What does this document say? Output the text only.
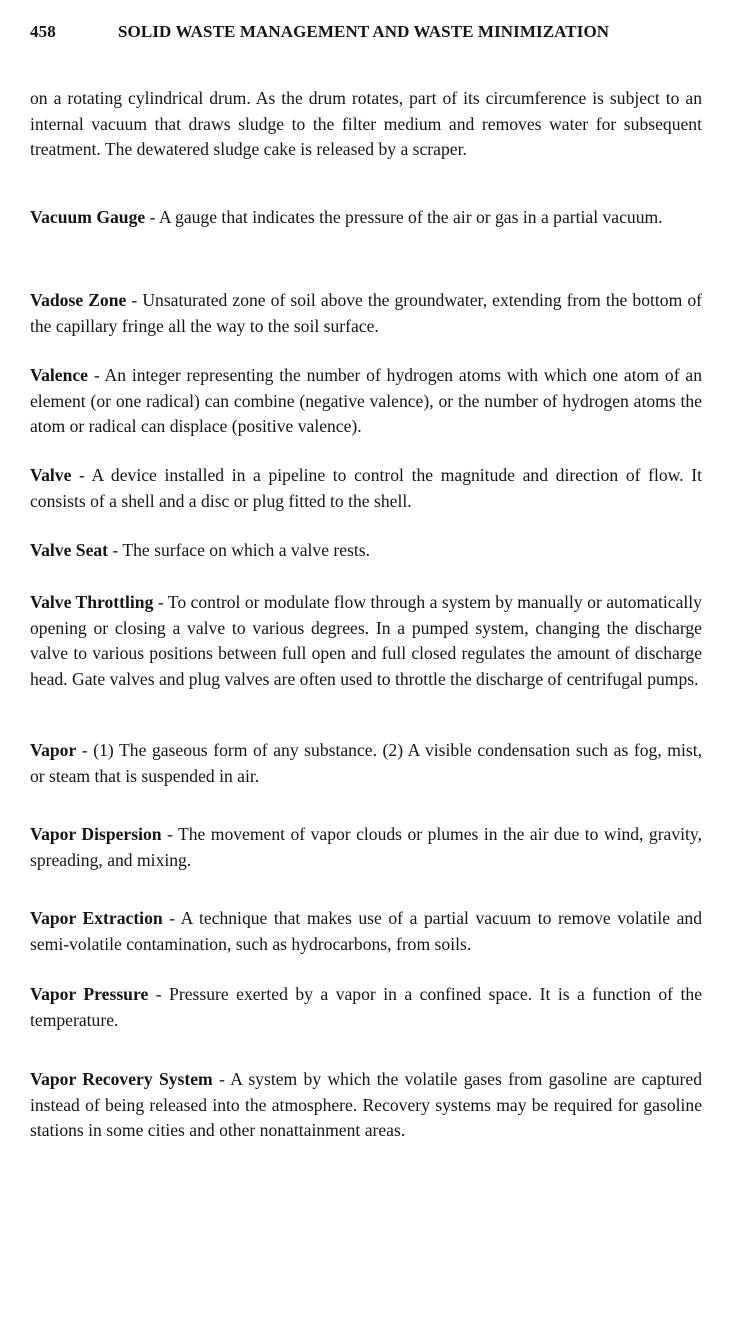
458	SOLID WASTE MANAGEMENT AND WASTE MINIMIZATION

on a rotating cylindrical drum. As the drum rotates, part of its circumference is subject to an internal vacuum that draws sludge to the filter medium and removes water for subsequent treatment. The dewatered sludge cake is released by a scraper.

Vacuum Gauge - A gauge that indicates the pressure of the air or gas in a partial vacuum.

Vadose Zone - Unsaturated zone of soil above the groundwater, extending from the bottom of the capillary fringe all the way to the soil surface.

Valence - An integer representing the number of hydrogen atoms with which one atom of an element (or one radical) can combine (negative valence), or the number of hydrogen atoms the atom or radical can displace (positive valence).

Valve - A device installed in a pipeline to control the magnitude and direction of flow. It consists of a shell and a disc or plug fitted to the shell.

Valve Seat - The surface on which a valve rests.

Valve Throttling - To control or modulate flow through a system by manually or automatically opening or closing a valve to various degrees. In a pumped system, changing the discharge valve to various positions between full open and full closed regulates the amount of discharge head. Gate valves and plug valves are often used to throttle the discharge of centrifugal pumps.

Vapor - (1) The gaseous form of any substance. (2) A visible condensation such as fog, mist, or steam that is suspended in air.

Vapor Dispersion - The movement of vapor clouds or plumes in the air due to wind, gravity, spreading, and mixing.

Vapor Extraction - A technique that makes use of a partial vacuum to remove volatile and semi-volatile contamination, such as hydrocarbons, from soils.

Vapor Pressure - Pressure exerted by a vapor in a confined space. It is a function of the temperature.

Vapor Recovery System - A system by which the volatile gases from gasoline are captured instead of being released into the atmosphere. Recovery systems may be required for gasoline stations in some cities and other nonattainment areas.
